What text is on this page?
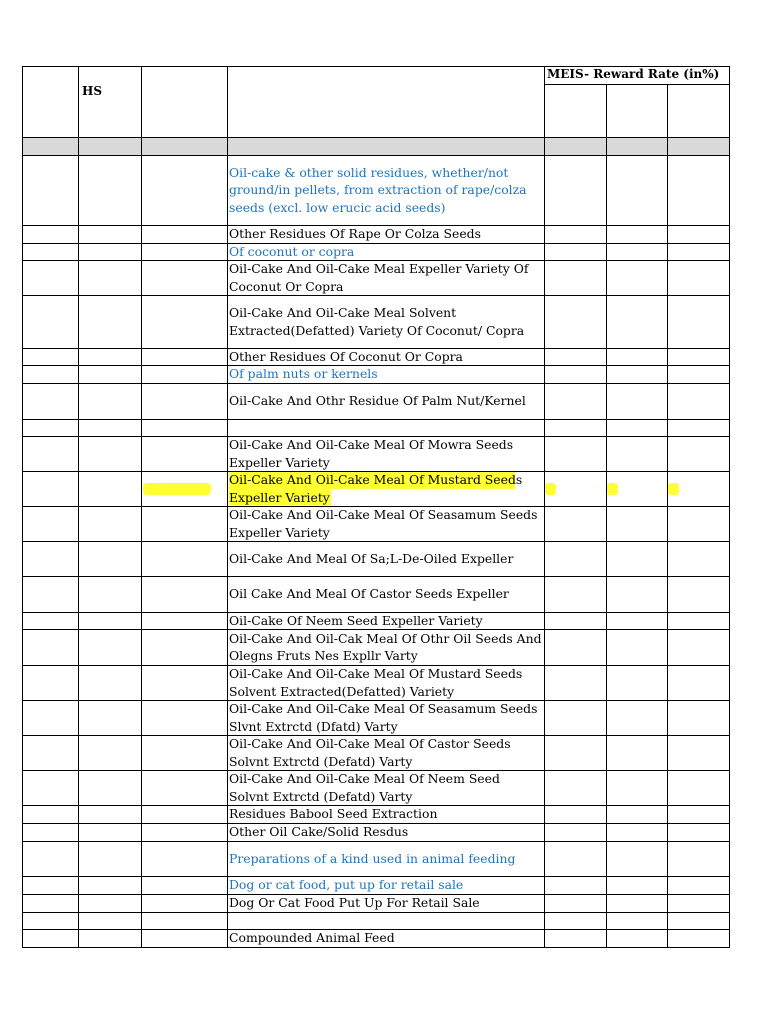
HS
MEIS- Reward Rate (in%)
Oil-cake & other solid residues, whether/not ground/in pellets, from extraction of rape/colza seeds (excl. low erucic acid seeds)
Other Residues Of Rape Or Colza Seeds
Of coconut or copra
Oil-Cake And Oil-Cake Meal Expeller Variety Of Coconut Or Copra
Oil-Cake And Oil-Cake Meal Solvent Extracted(Defatted) Variety Of Coconut/ Copra
Other Residues Of Coconut Or Copra
Of palm nuts or kernels
Oil-Cake And Othr Residue Of Palm Nut/Kernel
Oil-Cake And Oil-Cake Meal Of Mowra Seeds Expeller Variety
Oil-Cake And Oil-Cake Meal Of Mustard Seeds Expeller Variety
Oil-Cake And Oil-Cake Meal Of Seasamum Seeds Expeller Variety
Oil-Cake And Meal Of Sa;L-De-Oiled Expeller
Oil Cake And Meal Of Castor Seeds Expeller
Oil-Cake Of Neem Seed Expeller Variety
Oil-Cake And Oil-Cak Meal Of Othr Oil Seeds And Olegns Fruts Nes Expllr Varty
Oil-Cake And Oil-Cake Meal Of Mustard Seeds Solvent Extracted(Defatted) Variety
Oil-Cake And Oil-Cake Meal Of Seasamum Seeds Slvnt Extrctd (Dfatd) Varty
Oil-Cake And Oil-Cake Meal Of Castor Seeds Solvnt Extrctd (Defatd) Varty
Oil-Cake And Oil-Cake Meal Of Neem Seed Solvnt Extrctd (Defatd) Varty
Residues Babool Seed Extraction
Other Oil Cake/Solid Resdus
Preparations of a kind used in animal feeding
Dog or cat food, put up for retail sale
Dog Or Cat Food Put Up For Retail Sale
Compounded Animal Feed
